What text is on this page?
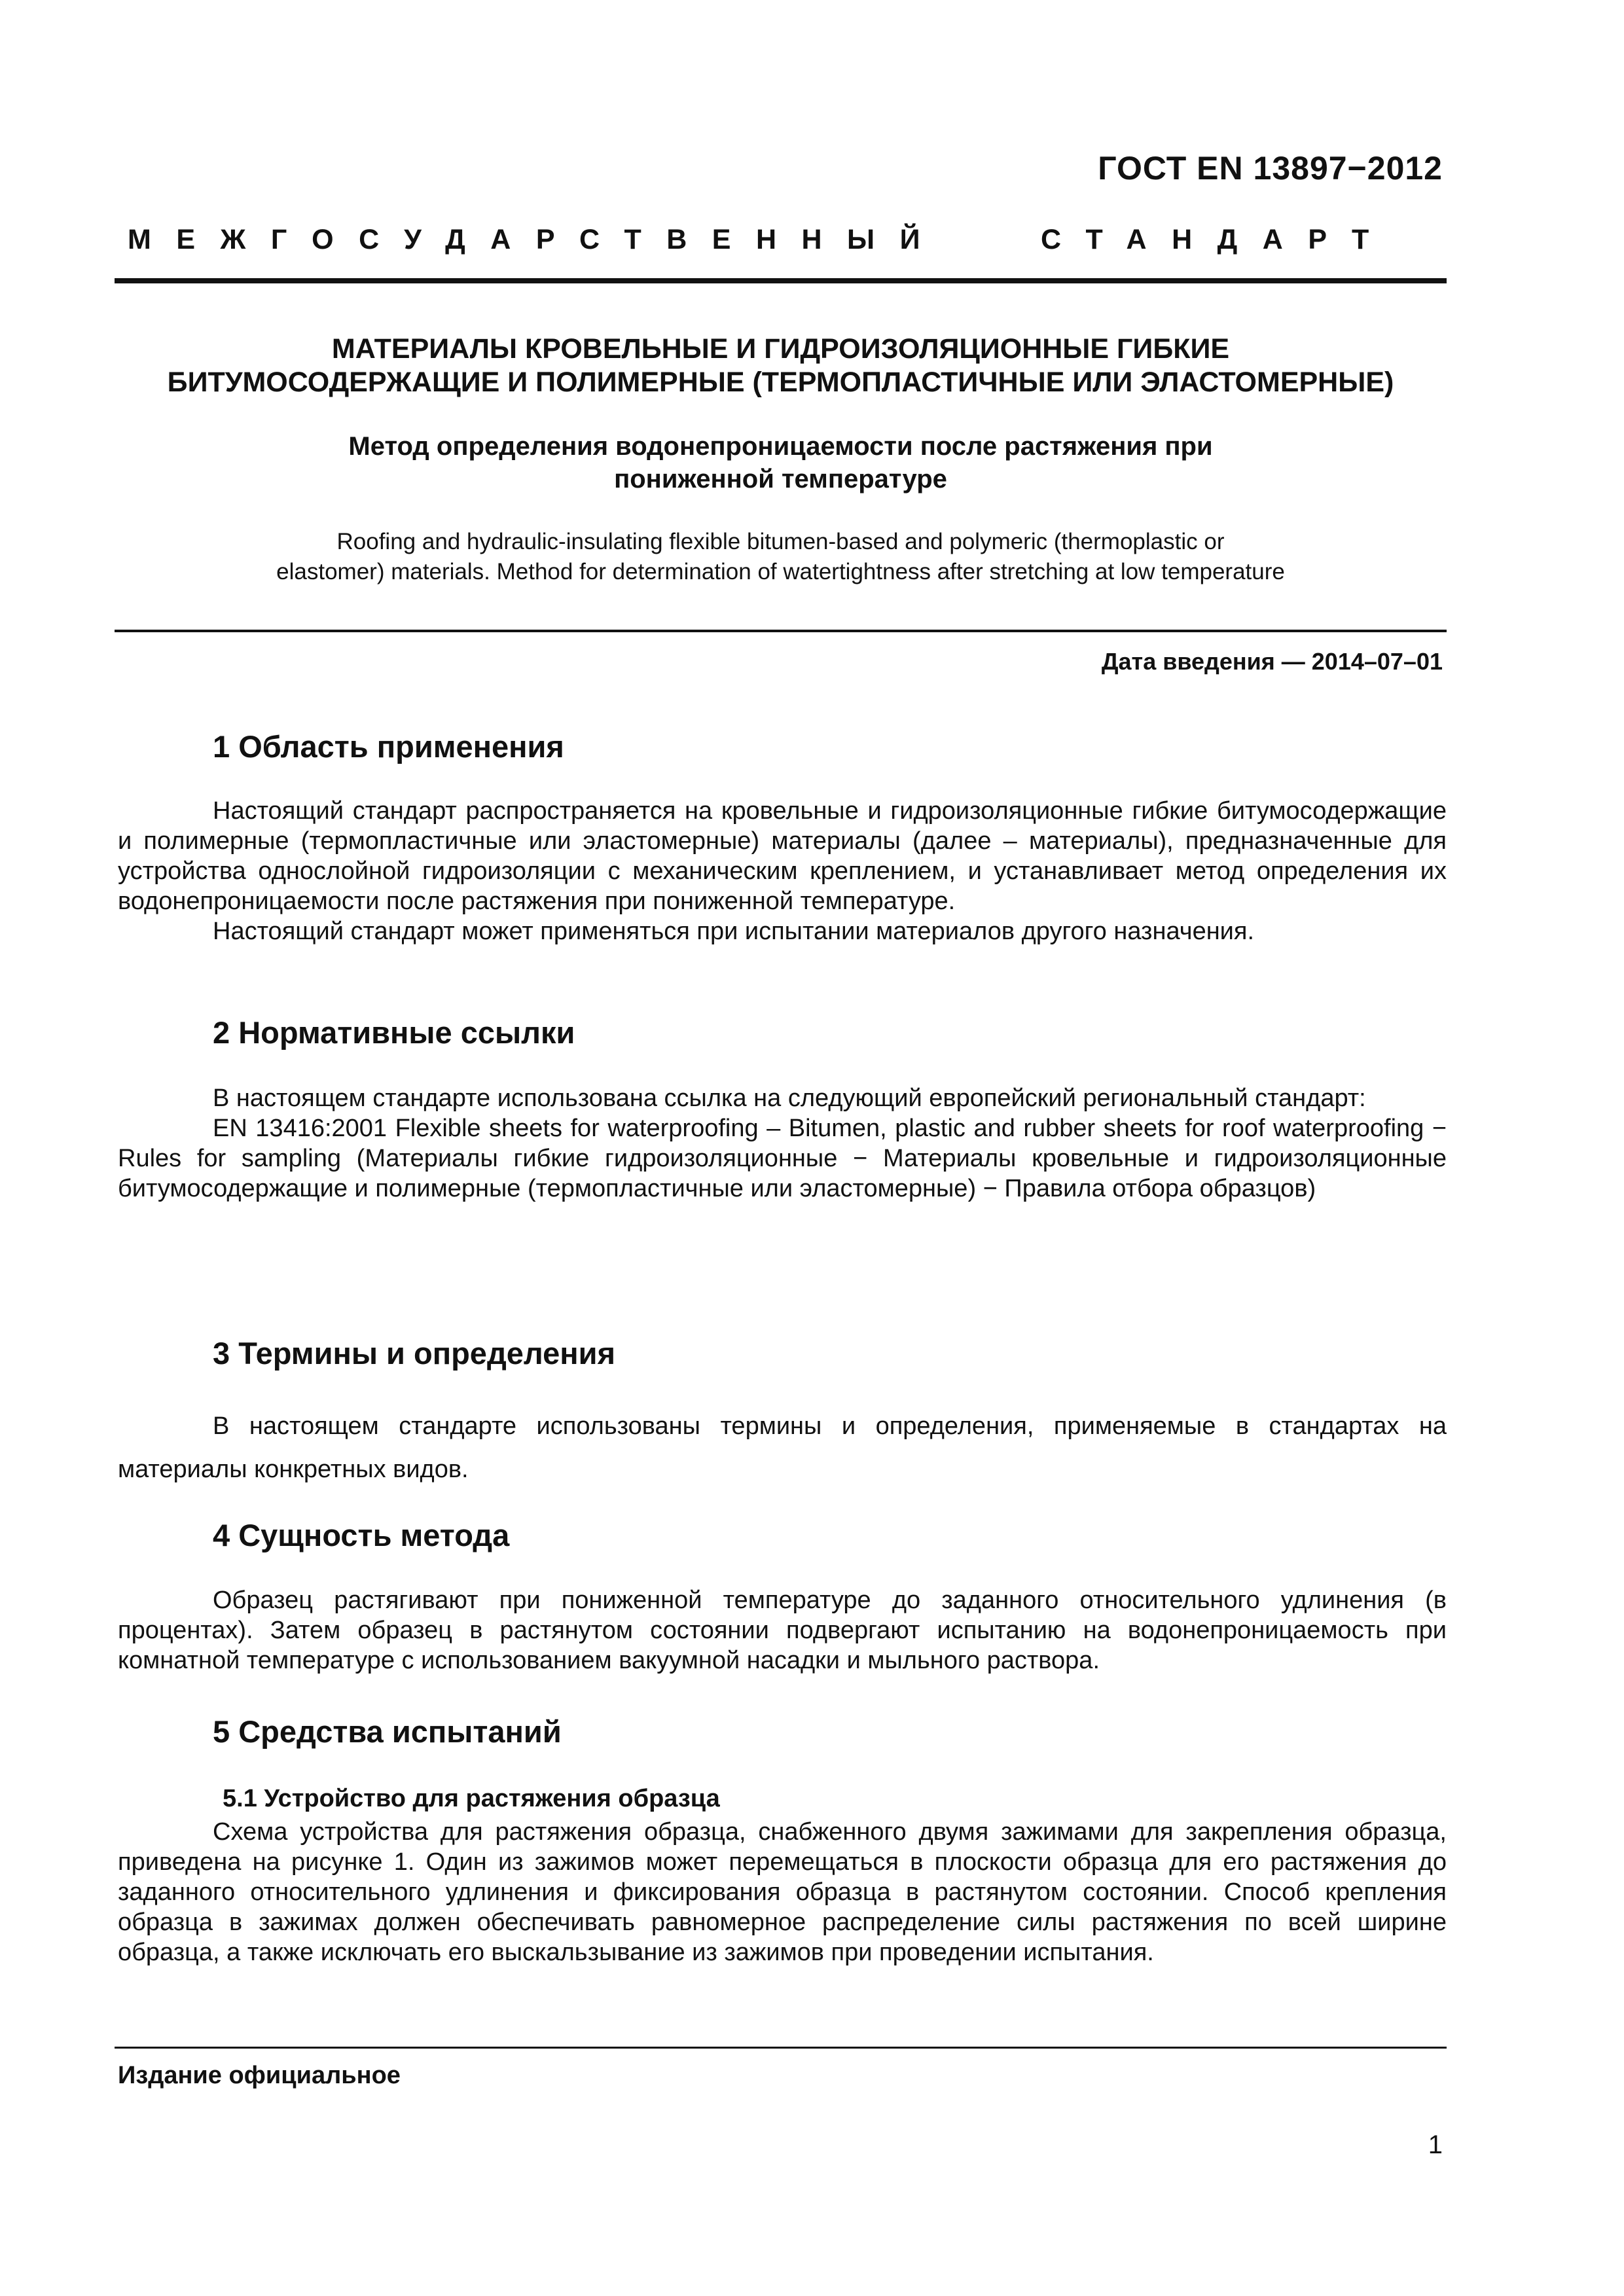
ГОСТ EN 13897−2012
МЕЖГОСУДАРСТВЕННЫЙ	СТАНДАРТ
МАТЕРИАЛЫ КРОВЕЛЬНЫЕ И ГИДРОИЗОЛЯЦИОННЫЕ ГИБКИЕ
БИТУМОСОДЕРЖАЩИЕ И ПОЛИМЕРНЫЕ (ТЕРМОПЛАСТИЧНЫЕ ИЛИ ЭЛАСТОМЕРНЫЕ)
Метод определения водонепроницаемости после растяжения при
пониженной температуре
Roofing and hydraulic-insulating flexible bitumen-based and polymeric (thermoplastic or
elastomer) materials. Method for determination of watertightness after stretching at low temperature
Дата введения — 2014–07–01
1 Область применения

Настоящий стандарт распространяется на кровельные и гидроизоляционные гибкие битумосодержащие и полимерные (термопластичные или эластомерные) материалы (далее – материалы), предназначенные для устройства однослойной гидроизоляции с механическим креплением, и устанавливает метод определения их водонепроницаемости после растяжения при пониженной температуре.

Настоящий стандарт может применяться при испытании материалов другого назначения.

2 Нормативные ссылки

В настоящем стандарте использована ссылка на следующий европейский региональный стандарт:

EN 13416:2001 Flexible sheets for waterproofing – Bitumen, plastic and rubber sheets for roof waterproofing − Rules for sampling (Материалы гибкие гидроизоляционные − Материалы кровельные и гидроизоляционные битумосодержащие и полимерные (термопластичные или эластомерные) − Правила отбора образцов)

3 Термины и определения

В настоящем стандарте использованы термины и определения, применяемые в стандартах на материалы конкретных видов.

4 Сущность метода

Образец растягивают при пониженной температуре до заданного относительного удлинения (в процентах). Затем образец в растянутом состоянии подвергают испытанию на водонепроницаемость при комнатной температуре с использованием вакуумной насадки и мыльного раствора.

5 Средства испытаний
5.1 Устройство для растяжения образца

Схема устройства для растяжения образца, снабженного двумя зажимами для закрепления образца, приведена на рисунке 1. Один из зажимов может перемещаться в плоскости образца для его растяжения до заданного относительного удлинения и фиксирования образца в растянутом состоянии. Способ крепления образца в зажимах должен обеспечивать равномерное распределение силы растяжения по всей ширине образца, а также исключать его выскальзывание из зажимов при проведении испытания.

Издание официальное
1
